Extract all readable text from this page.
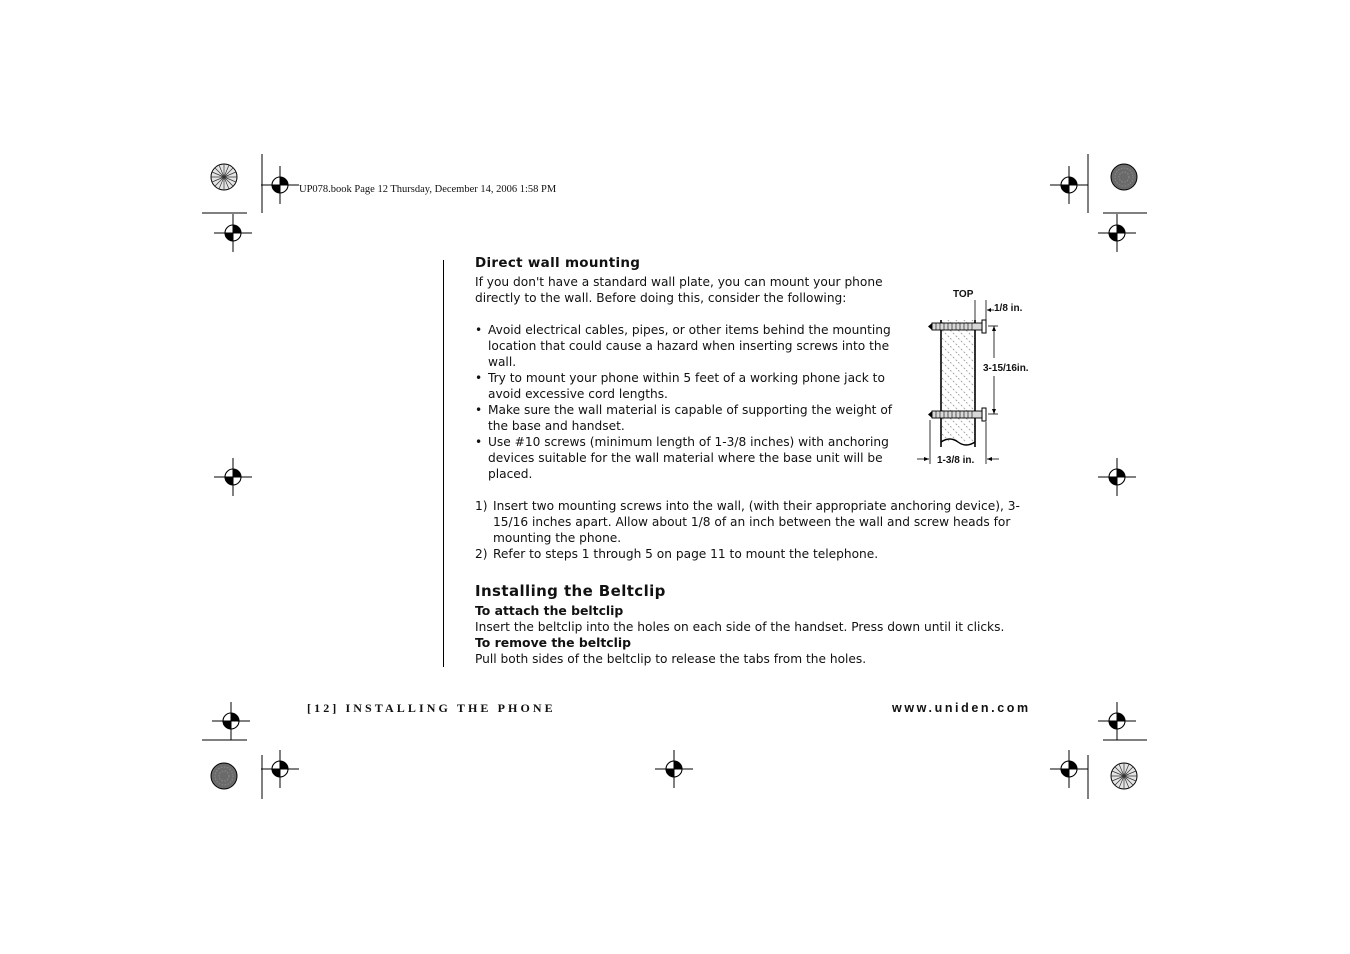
UP078.book Page 12 Thursday, December 14, 2006 1:58 PM
Direct wall mounting

If you don't have a standard wall plate, you can mount your phone directly to the wall. Before doing this, consider the following:

• Avoid electrical cables, pipes, or other items behind the mounting location that could cause a hazard when inserting screws into the wall.
• Try to mount your phone within 5 feet of a working phone jack to avoid excessive cord lengths.
• Make sure the wall material is capable of supporting the weight of the base and handset.
• Use #10 screws (minimum length of 1-3/8 inches) with anchoring devices suitable for the wall material where the base unit will be placed.
1) Insert two mounting screws into the wall, (with their appropriate anchoring device), 3-15/16 inches apart. Allow about 1/8 of an inch between the wall and screw heads for mounting the phone.
2) Refer to steps 1 through 5 on page 11 to mount the telephone.
Installing the Beltclip
To attach the beltclip

Insert the beltclip into the holes on each side of the handset. Press down until it clicks.

To remove the beltclip

Pull both sides of the beltclip to release the tabs from the holes.

TOP
1/8 in.
3-15/16in.
1-3/8 in.
[12] INSTALLING THE PHONE	www.uniden.com
